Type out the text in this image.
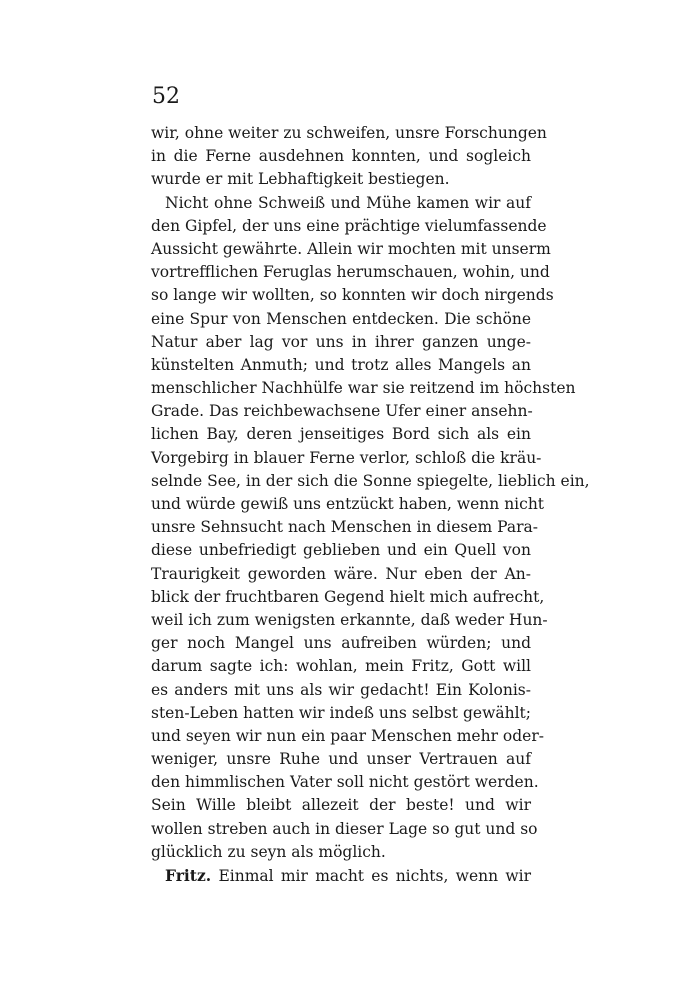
52
wir, ohne weiter zu schweifen, unsre Forschungen
in die Ferne ausdehnen konnten, und sogleich
wurde er mit Lebhaftigkeit bestiegen.
Nicht ohne Schweiß und Mühe kamen wir auf
den Gipfel, der uns eine prächtige vielumfassende
Aussicht gewährte. Allein wir mochten mit unserm
vortrefflichen Feruglas herumschauen, wohin, und
so lange wir wollten, so konnten wir doch nirgends
eine Spur von Menschen entdecken. Die schöne
Natur aber lag vor uns in ihrer ganzen unge-
künstelten Anmuth; und trotz alles Mangels an
menschlicher Nachhülfe war sie reitzend im höchsten
Grade. Das reichbewachsene Ufer einer ansehn-
lichen Bay, deren jenseitiges Bord sich als ein
Vorgebirg in blauer Ferne verlor, schloß die kräu-
selnde See, in der sich die Sonne spiegelte, lieblich ein,
und würde gewiß uns entzückt haben, wenn nicht
unsre Sehnsucht nach Menschen in diesem Para-
diese unbefriedigt geblieben und ein Quell von
Traurigkeit geworden wäre. Nur eben der An-
blick der fruchtbaren Gegend hielt mich aufrecht,
weil ich zum wenigsten erkannte, daß weder Hun-
ger noch Mangel uns aufreiben würden; und
darum sagte ich: wohlan, mein Fritz, Gott will
es anders mit uns als wir gedacht! Ein Kolonis-
sten-Leben hatten wir indeß uns selbst gewählt;
und seyen wir nun ein paar Menschen mehr oder-
weniger, unsre Ruhe und unser Vertrauen auf
den himmlischen Vater soll nicht gestört werden.
Sein Wille bleibt allezeit der beste! und wir
wollen streben auch in dieser Lage so gut und so
glücklich zu seyn als möglich.
Fritz. Einmal mir macht es nichts, wenn wir
